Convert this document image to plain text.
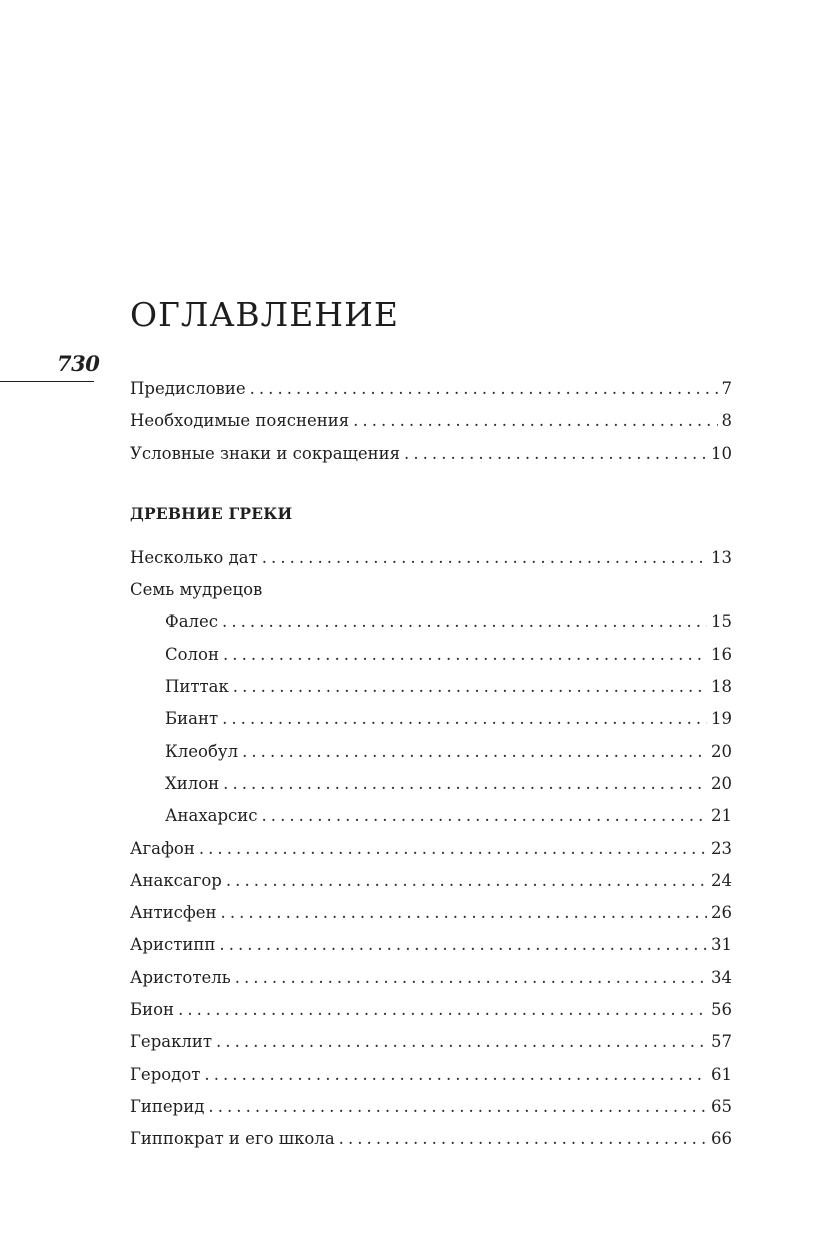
ОГЛАВЛЕНИЕ
730
Предисловие . . .	7
Необходимые пояснения . . .	8
Условные знаки и сокращения . . .	10
ДРЕВНИЕ ГРЕКИ
Несколько дат . . .	13
Семь мудрецов
Фалес . . .	15
Солон . . .	16
Питтак . . .	18
Биант . . .	19
Клеобул . . .	20
Хилон . . .	20
Анахарсис . . .	21
Агафон . . .	23
Анаксагор . . .	24
Антисфен . . .	26
Аристипп . . .	31
Аристотель . . .	34
Бион . . .	56
Гераклит . . .	57
Геродот . . .	61
Гиперид . . .	65
Гиппократ и его школа . . .	66
